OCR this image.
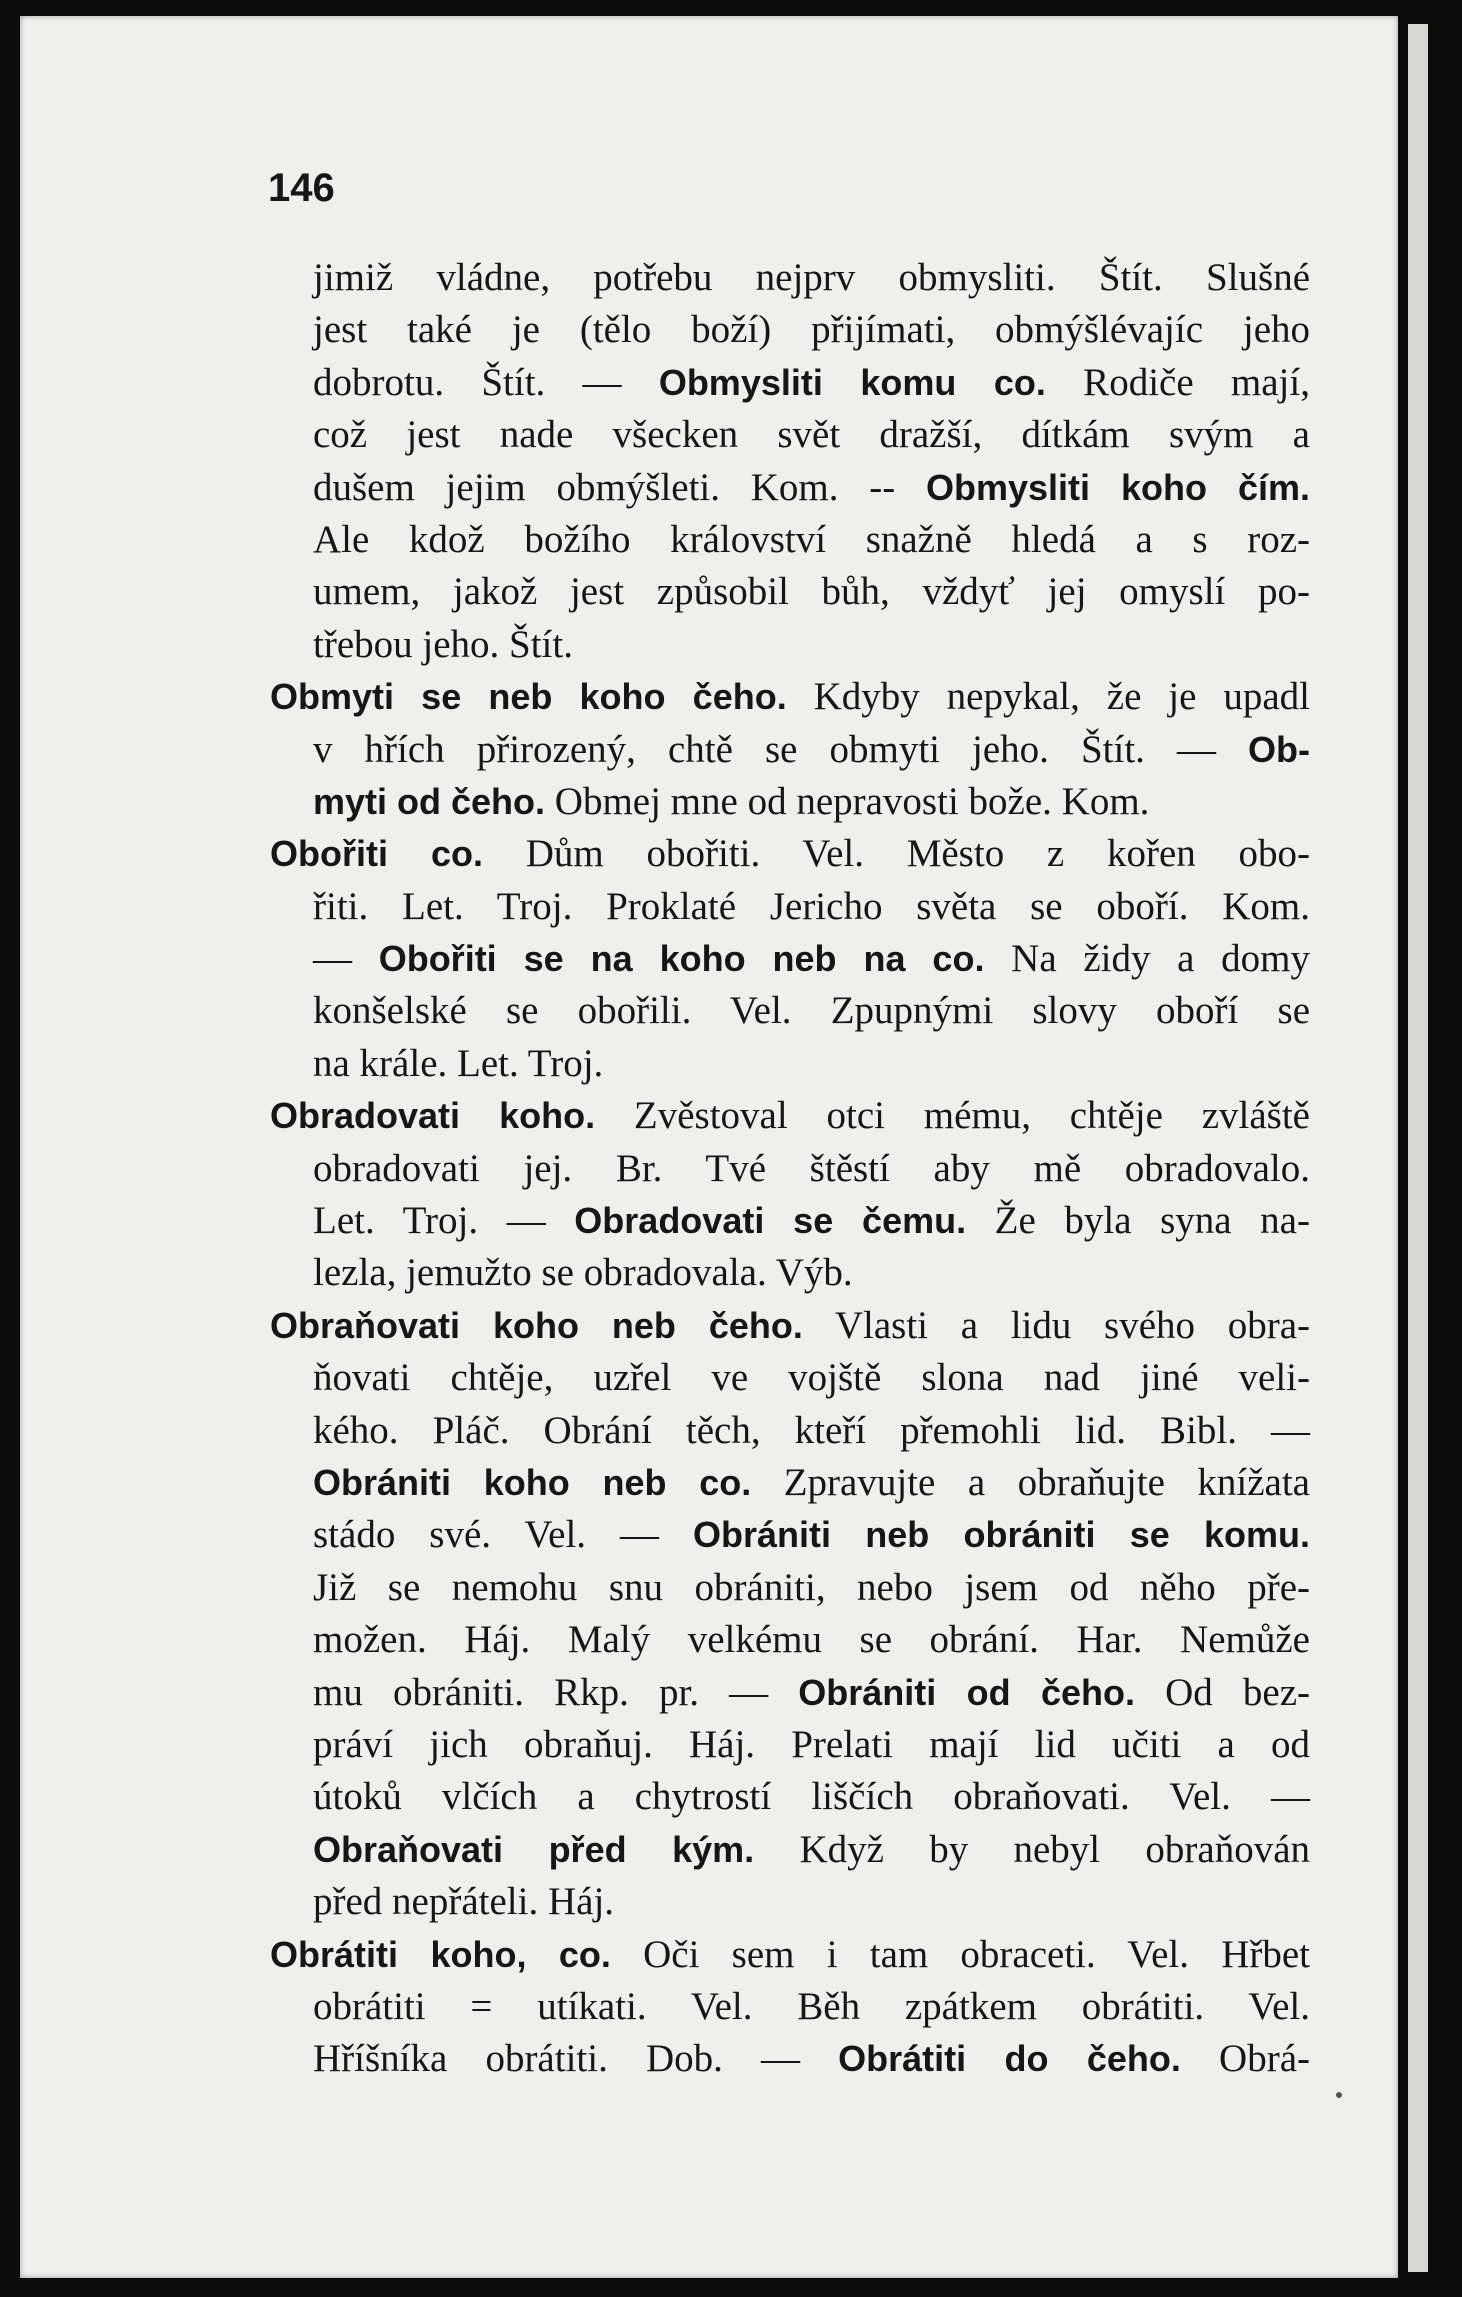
146
jimiž vládne, potřebu nejprv obmysliti. Štít. Slušné
jest také je (tělo boží) přijímati, obmýšlévajíc jeho
dobrotu. Štít. — Obmysliti komu co. Rodiče mají,
což jest nade všecken svět dražší, dítkám svým a
dušem jejim obmýšleti. Kom. -- Obmysliti koho čím.
Ale kdož božího království snažně hledá a s roz-
umem, jakož jest způsobil bůh, vždyť jej omyslí po-
třebou jeho. Štít.
Obmyti se neb koho čeho. Kdyby nepykal, že je upadl
v hřích přirozený, chtě se obmyti jeho. Štít. — Ob-
myti od čeho. Obmej mne od nepravosti bože. Kom.
Obořiti co. Dům obořiti. Vel. Město z kořen obo-
řiti. Let. Troj. Proklaté Jericho světa se oboří. Kom.
— Obořiti se na koho neb na co. Na židy a domy
konšelské se obořili. Vel. Zpupnými slovy oboří se
na krále. Let. Troj.
Obradovati koho. Zvěstoval otci mému, chtěje zvláště
obradovati jej. Br. Tvé štěstí aby mě obradovalo.
Let. Troj. — Obradovati se čemu. Že byla syna na-
lezla, jemužto se obradovala. Výb.
Obraňovati koho neb čeho. Vlasti a lidu svého obra-
ňovati chtěje, uzřel ve vojště slona nad jiné veli-
kého. Pláč. Obrání těch, kteří přemohli lid. Bibl. —
Obrániti koho neb co. Zpravujte a obraňujte knížata
stádo své. Vel. — Obrániti neb obrániti se komu.
Již se nemohu snu obrániti, nebo jsem od něho pře-
možen. Háj. Malý velkému se obrání. Har. Nemůže
mu obrániti. Rkp. pr. — Obrániti od čeho. Od bez-
práví jich obraňuj. Háj. Prelati mají lid učiti a od
útoků vlčích a chytrostí liščích obraňovati. Vel. —
Obraňovati před kým. Když by nebyl obraňován
před nepřáteli. Háj.
Obrátiti koho, co. Oči sem i tam obraceti. Vel. Hřbet
obrátiti = utíkati. Vel. Běh zpátkem obrátiti. Vel.
Hříšníka obrátiti. Dob. — Obrátiti do čeho. Obrá-
